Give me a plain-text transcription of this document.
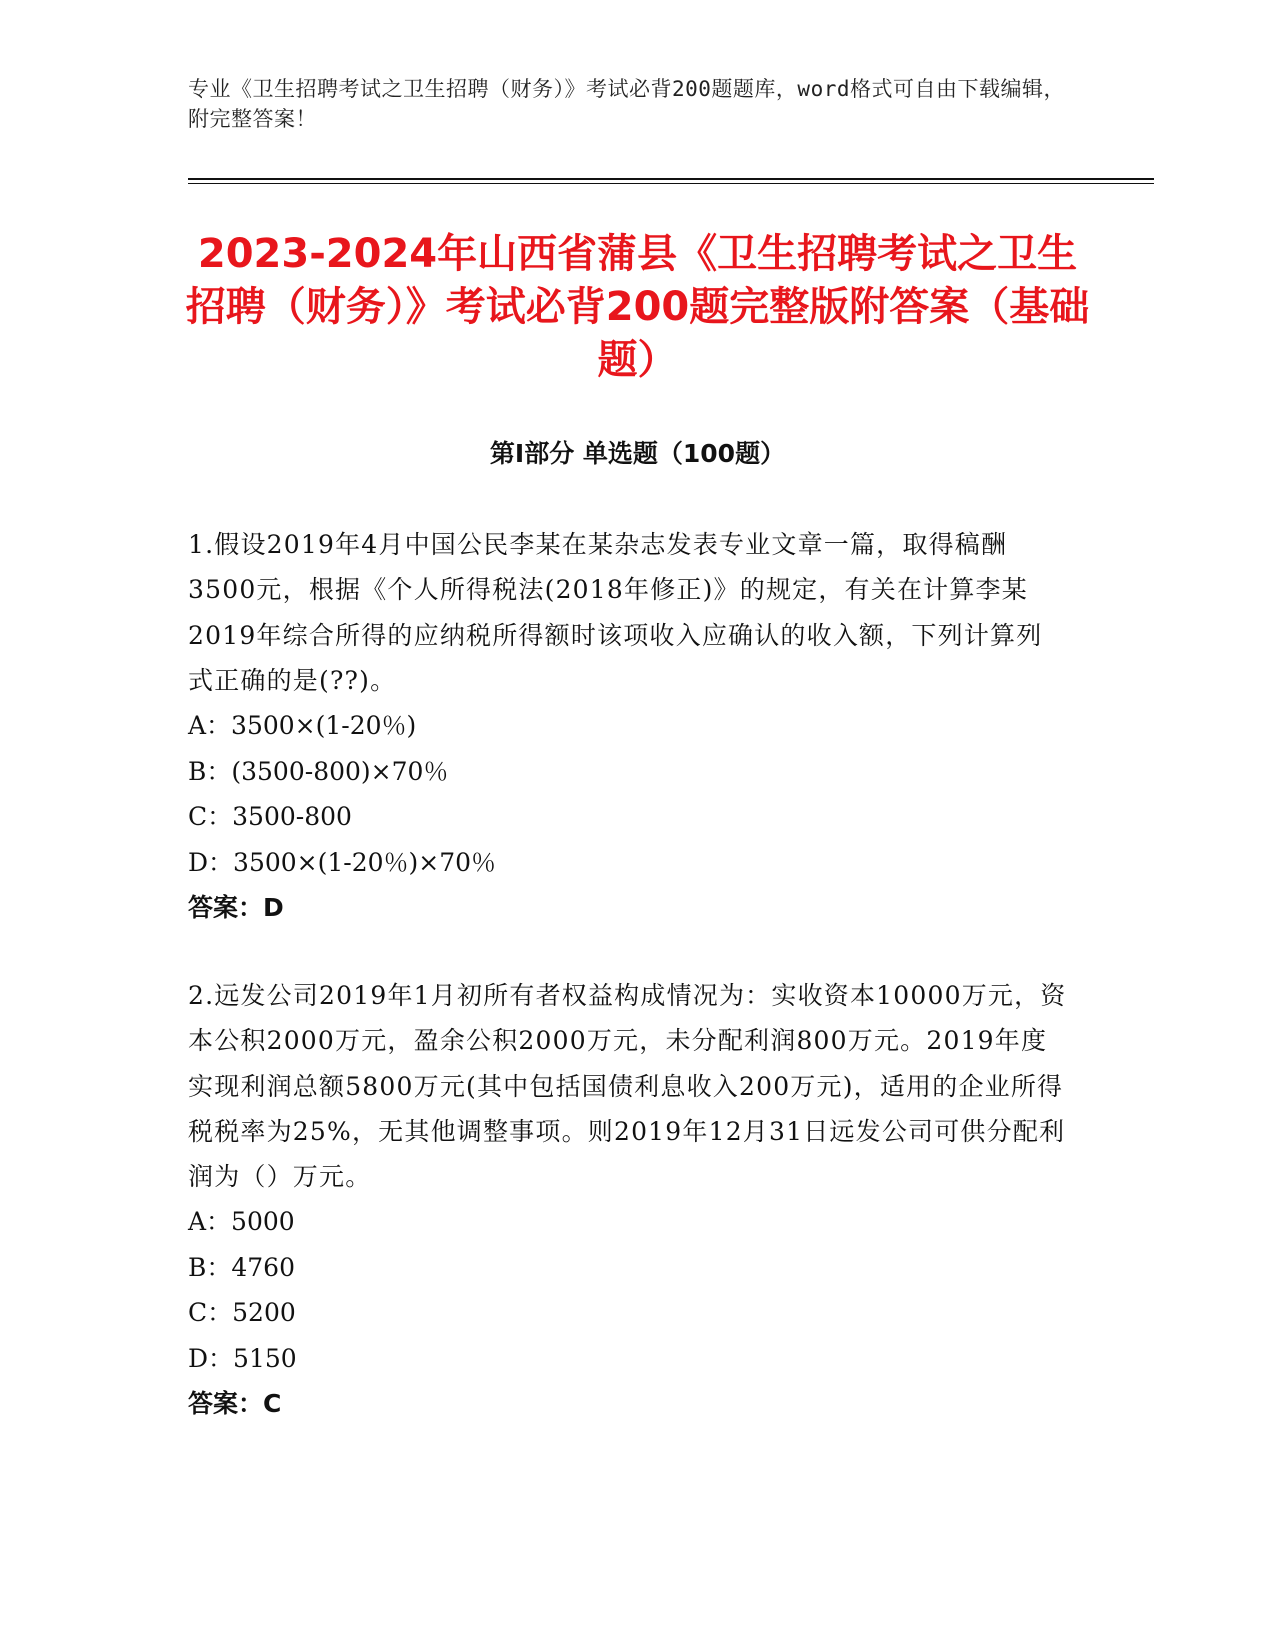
专业《卫生招聘考试之卫生招聘（财务）》考试必背200题题库，word格式可自由下载编辑，附完整答案！

2023-2024年山西省蒲县《卫生招聘考试之卫生招聘（财务）》考试必背200题完整版附答案（基础题）
第Ⅰ部分 单选题（100题）

1.假设2019年4月中国公民李某在某杂志发表专业文章一篇，取得稿酬3500元，根据《个人所得税法(2018年修正)》的规定，有关在计算李某2019年综合所得的应纳税所得额时该项收入应确认的收入额，下列计算列式正确的是(??)。

A：3500×(1-20％)
B：(3500-800)×70％
C：3500-800
D：3500×(1-20％)×70％

答案：D

2.远发公司2019年1月初所有者权益构成情况为：实收资本10000万元，资本公积2000万元，盈余公积2000万元，未分配利润800万元。2019年度实现利润总额5800万元(其中包括国债利息收入200万元)，适用的企业所得税税率为25%，无其他调整事项。则2019年12月31日远发公司可供分配利润为（）万元。

A：5000
B：4760
C：5200
D：5150

答案：C
